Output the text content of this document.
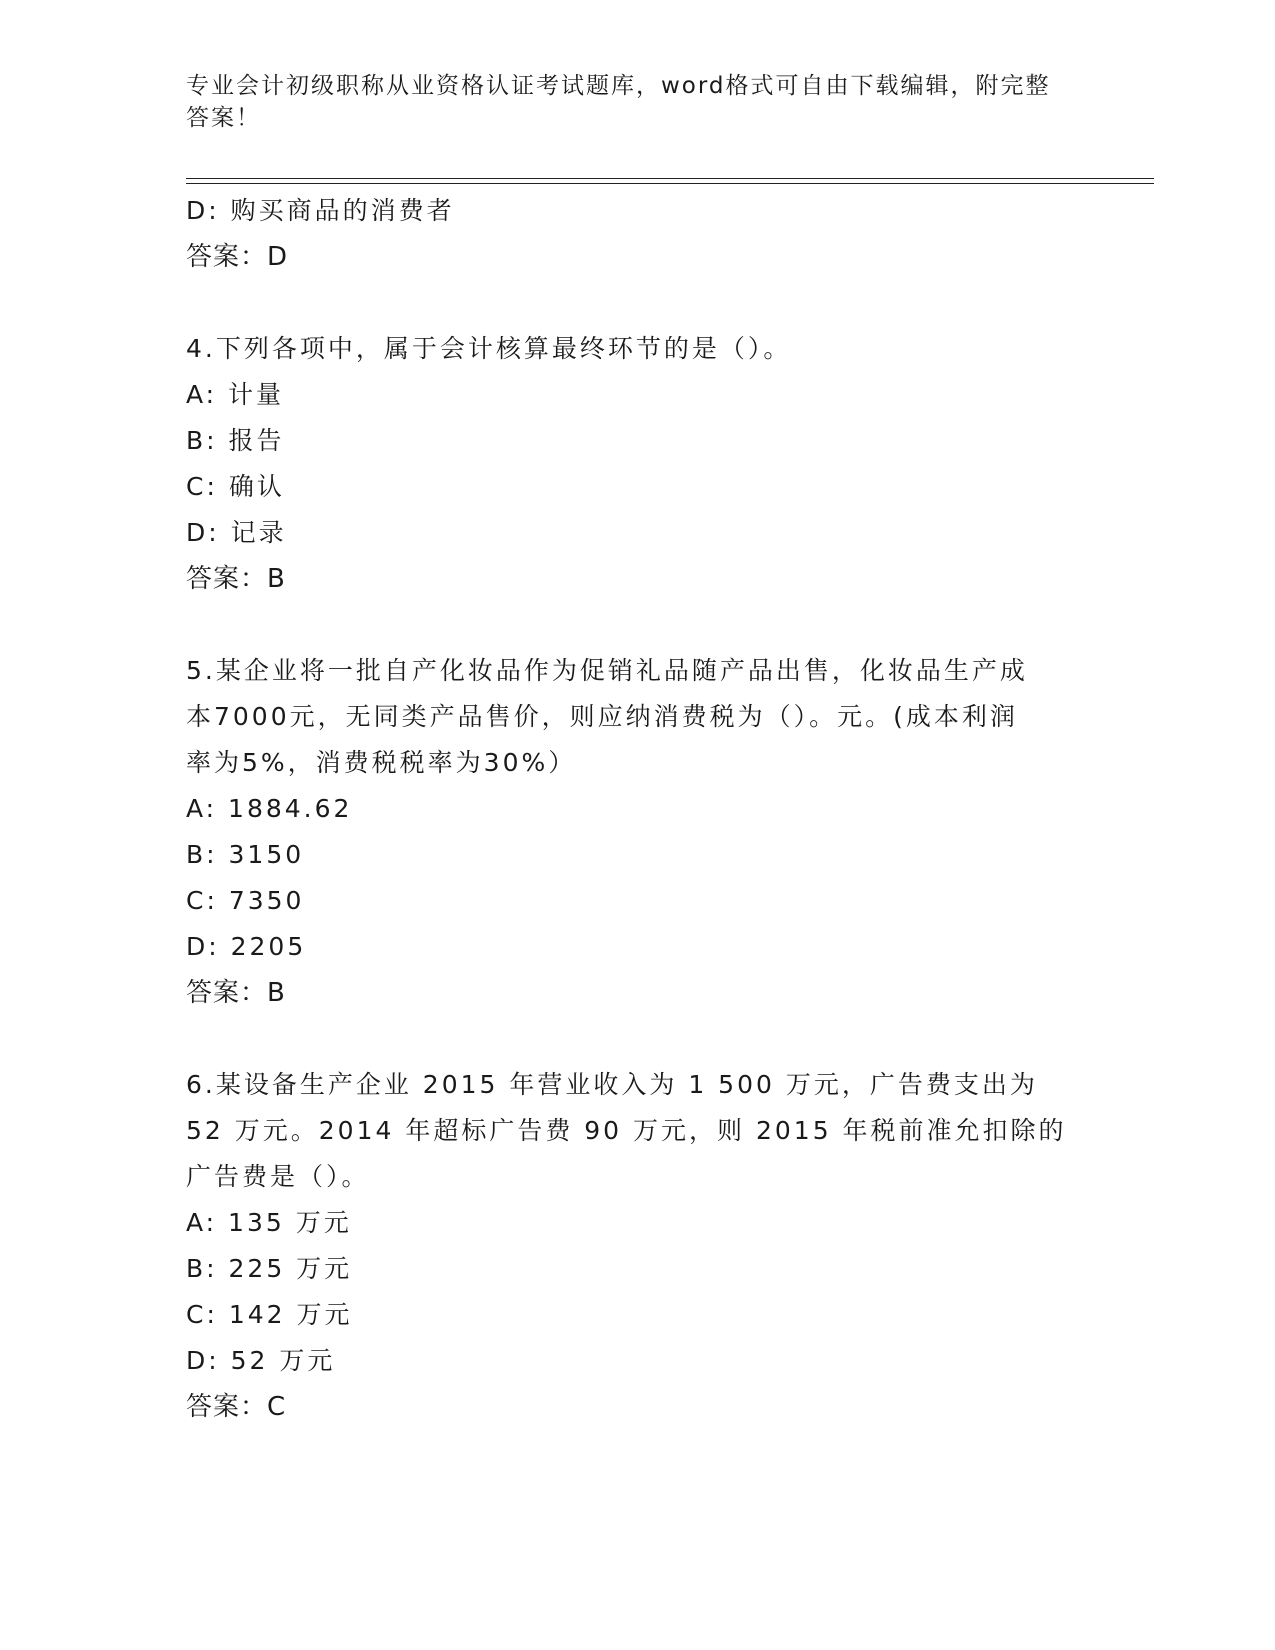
专业会计初级职称从业资格认证考试题库，word格式可自由下载编辑，附完整答案！
D: 购买商品的消费者
答案：D
4.下列各项中，属于会计核算最终环节的是（）。
A: 计量
B: 报告
C: 确认
D: 记录
答案：B
5.某企业将一批自产化妆品作为促销礼品随产品出售，化妆品生产成
本7000元，无同类产品售价，则应纳消费税为（）。元。(成本利润
率为5%，消费税税率为30%）
A: 1884.62
B: 3150
C: 7350
D: 2205
答案：B
6.某设备生产企业 2015 年营业收入为 1 500 万元，广告费支出为
52 万元。2014 年超标广告费 90 万元，则 2015 年税前准允扣除的
广告费是（）。
A: 135 万元
B: 225 万元
C: 142 万元
D: 52 万元
答案：C
